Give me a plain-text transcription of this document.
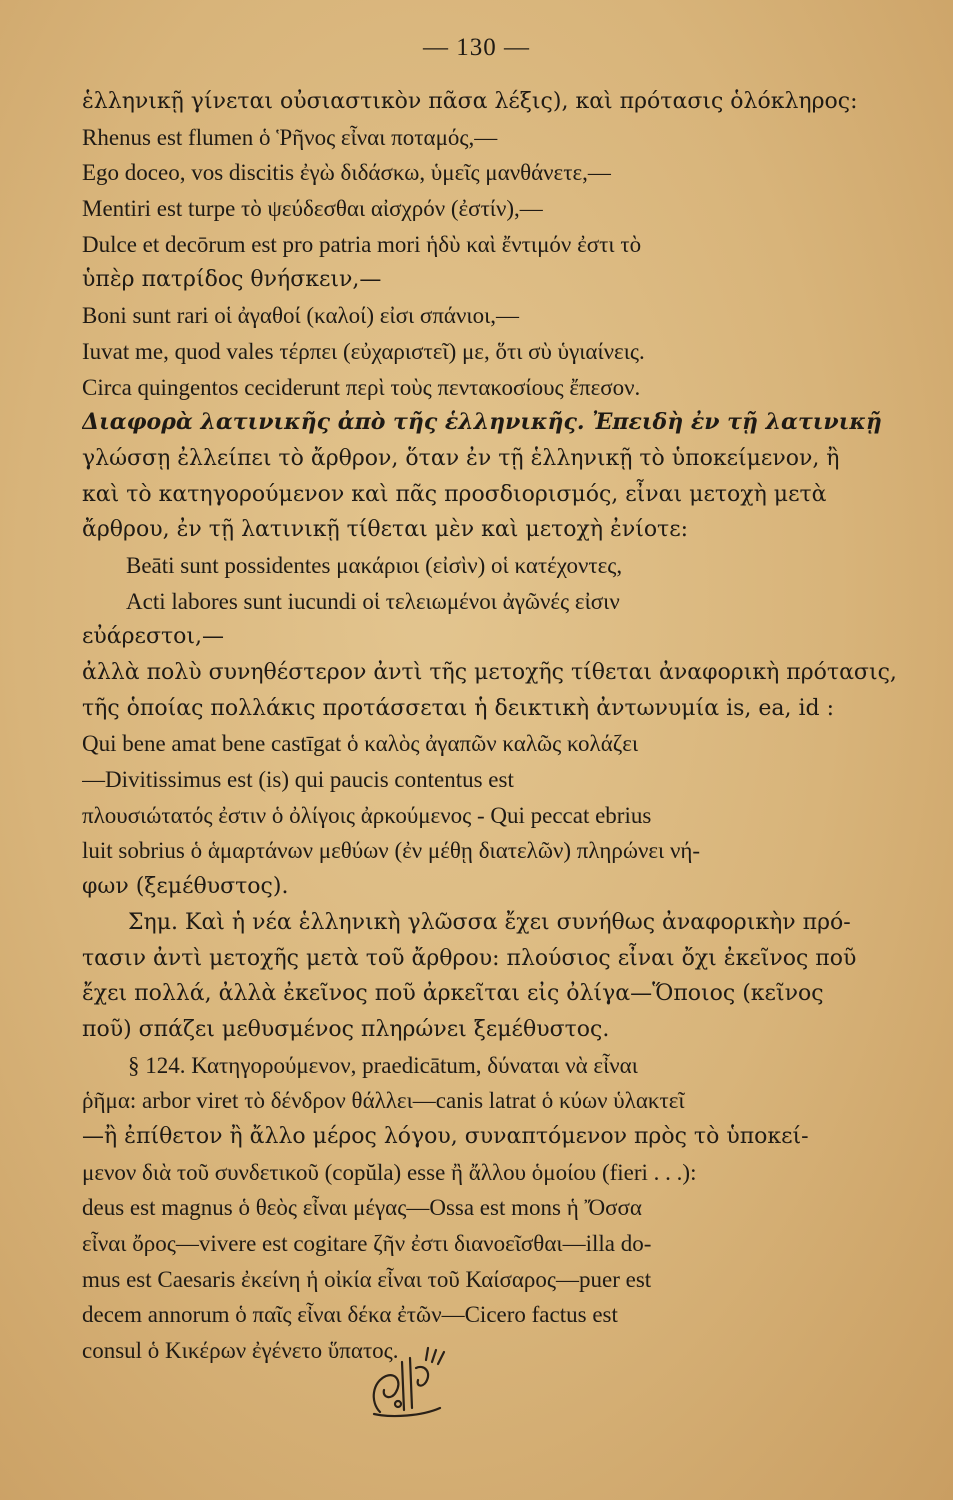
— 130 —
ἑλληνικῇ γίνεται οὐσιαστικὸν πᾶσα λέξις), καὶ πρότασις ὁλόκληρος:
Rhenus est flumen ὁ Ῥῆνος εἶναι ποταμός,—
Ego doceo, vos discitis ἐγὼ διδάσκω, ὑμεῖς μανθάνετε,—
Mentiri est turpe τὸ ψεύδεσθαι αἰσχρόν (ἐστίν),—
Dulce et decōrum est pro patria mori ἡδὺ καὶ ἔντιμόν ἐστι τὸ
ὑπὲρ πατρίδος θνήσκειν,—
Boni sunt rari οἱ ἀγαθοί (καλοί) εἰσι σπάνιοι,—
Iuvat me, quod vales τέρπει (εὐχαριστεῖ) με, ὅτι σὺ ὑγιαίνεις.
Circa quingentos ceciderunt περὶ τοὺς πεντακοσίους ἔπεσον.
Διαφορὰ λατινικῆς ἀπὸ τῆς ἑλληνικῆς. Ἐπειδὴ ἐν τῇ λατινικῇ
γλώσσῃ ἐλλείπει τὸ ἄρθρον, ὅταν ἐν τῇ ἑλληνικῇ τὸ ὑποκείμενον, ἢ
καὶ τὸ κατηγορούμενον καὶ πᾶς προσδιορισμός, εἶναι μετοχὴ μετὰ
ἄρθρου, ἐν τῇ λατινικῇ τίθεται μὲν καὶ μετοχὴ ἐνίοτε:
Beāti sunt possidentes μακάριοι (εἰσὶν) οἱ κατέχοντες,
Acti labores sunt iucundi οἱ τελειωμένοι ἀγῶνές εἰσιν
εὐάρεστοι,—
ἀλλὰ πολὺ συνηθέστερον ἀντὶ τῆς μετοχῆς τίθεται ἀναφορικὴ πρότασις,
τῆς ὁποίας πολλάκις προτάσσεται ἡ δεικτικὴ ἀντωνυμία is, ea, id :
Qui bene amat bene castīgat ὁ καλὸς ἀγαπῶν καλῶς κολάζει
—Divitissimus est (is) qui paucis contentus est
πλουσιώτατός ἐστιν ὁ ὀλίγοις ἀρκούμενος - Qui peccat ebrius
luit sobrius ὁ ἁμαρτάνων μεθύων (ἐν μέθῃ διατελῶν) πληρώνει νή-
φων (ξεμέθυστος).
Σημ. Καὶ ἡ νέα ἑλληνικὴ γλῶσσα ἔχει συνήθως ἀναφορικὴν πρό-
τασιν ἀντὶ μετοχῆς μετὰ τοῦ ἄρθρου: πλούσιος εἶναι ὄχι ἐκεῖνος ποῦ
ἔχει πολλά, ἀλλὰ ἐκεῖνος ποῦ ἀρκεῖται εἰς ὀλίγα—Ὅποιος (κεῖνος
ποῦ) σπάζει μεθυσμένος πληρώνει ξεμέθυστος.
§ 124. Κατηγορούμενον, praedicātum, δύναται νὰ εἶναι
ῥῆμα: arbor viret τὸ δένδρον θάλλει—canis latrat ὁ κύων ὑλακτεῖ
—ἢ ἐπίθετον ἢ ἄλλο μέρος λόγου, συναπτόμενον πρὸς τὸ ὑποκεί-
μενον διὰ τοῦ συνδετικοῦ (copŭla) esse ἢ ἄλλου ὁμοίου (fieri . . .):
deus est magnus ὁ θεὸς εἶναι μέγας—Ossa est mons ἡ Ὄσσα
εἶναι ὄρος—vivere est cogitare ζῆν ἐστι διανοεῖσθαι—illa do-
mus est Caesaris ἐκείνη ἡ οἰκία εἶναι τοῦ Καίσαρος—puer est
decem annorum ὁ παῖς εἶναι δέκα ἐτῶν—Cicero factus est
consul ὁ Κικέρων ἐγένετο ὕπατος.
